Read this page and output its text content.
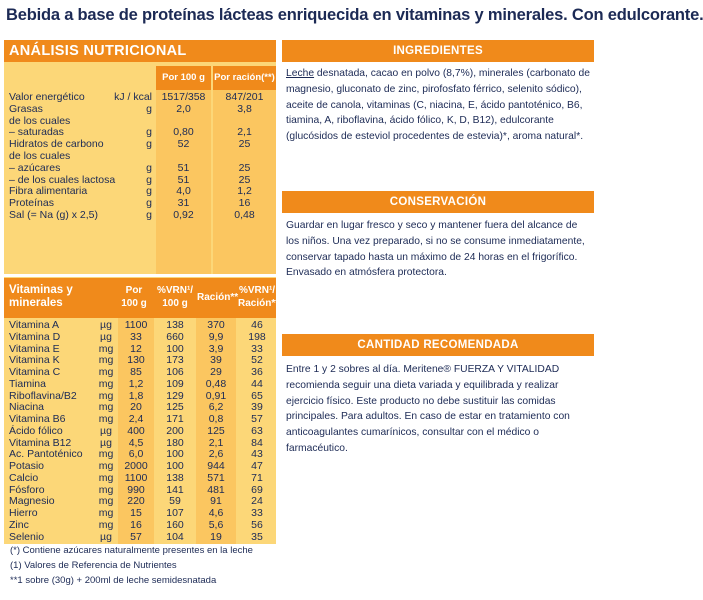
Bebida a base de proteínas lácteas enriquecida en vitaminas y minerales. Con edulcorante.
ANÁLISIS NUTRICIONAL
Por 100 g Por ración(**)
Valor energético	kJ / kcal 1517/358	847/201
Grasas	g	2,0	3,8
de los cuales
– saturadas	g	0,80	2,1
Hidratos de carbono	g	52	25
de los cuales
– azúcares	g	51	25
– de los cuales lactosa	g	51	25
Fibra alimentaria	g	4,0	1,2
Proteínas	g	31	16
Sal (= Na (g) x 2,5)	g	0,92	0,48
Vitaminas y minerales
Por 100 g
%VRN¹/ 100 g
Ración**
%VRN¹/ Ración**
Vitamina A	µg	1100	138	370	46
Vitamina D	µg	33	660	9,9	198
Vitamina E	mg	12	100	3,9	33
Vitamina K	mg	130	173	39	52
Vitamina C	mg	85	106	29	36
Tiamina	mg	1,2	109	0,48	44
Riboflavina/B2	mg	1,8	129	0,91	65
Niacina	mg	20	125	6,2	39
Vitamina B6	mg	2,4	171	0,8	57
Ácido fólico	µg	400	200	125	63
Vitamina B12	µg	4,5	180	2,1	84
Ac. Pantoténico	mg	6,0	100	2,6	43
Potasio	mg	2000	100	944	47
Calcio	mg	1100	138	571	71
Fósforo	mg	990	141	481	69
Magnesio	mg	220	59	91	24
Hierro	mg	15	107	4,6	33
Zinc	mg	16	160	5,6	56
Selenio	µg	57	104	19	35
INGREDIENTES
Leche desnatada, cacao en polvo (8,7%), minerales (carbonato de magnesio, gluconato de zinc, pirofosfato férrico, selenito sódico), aceite de canola, vitaminas (C, niacina, E, ácido pantoténico, B6, tiamina, A, riboflavina, ácido fólico, K, D, B12), edulcorante (glucósidos de esteviol procedentes de estevia)*, aroma natural*.
CONSERVACIÓN
Guardar en lugar fresco y seco y mantener fuera del alcance de los niños. Una vez preparado, si no se consume inmediatamente, conservar tapado hasta un máximo de 24 horas en el frigorífico. Envasado en atmósfera protectora.
CANTIDAD RECOMENDADA
Entre 1 y 2 sobres al día. Meritene® FUERZA Y VITALIDAD recomienda seguir una dieta variada y equilibrada y realizar ejercicio físico. Este producto no debe sustituir las comidas principales. Para adultos. En caso de estar en tratamiento con anticoagulantes cumarínicos, consultar con el médico o farmacéutico.
(*) Contiene azúcares naturalmente presentes en la leche
(1) Valores de Referencia de Nutrientes
**1 sobre (30g) + 200ml de leche semidesnatada
